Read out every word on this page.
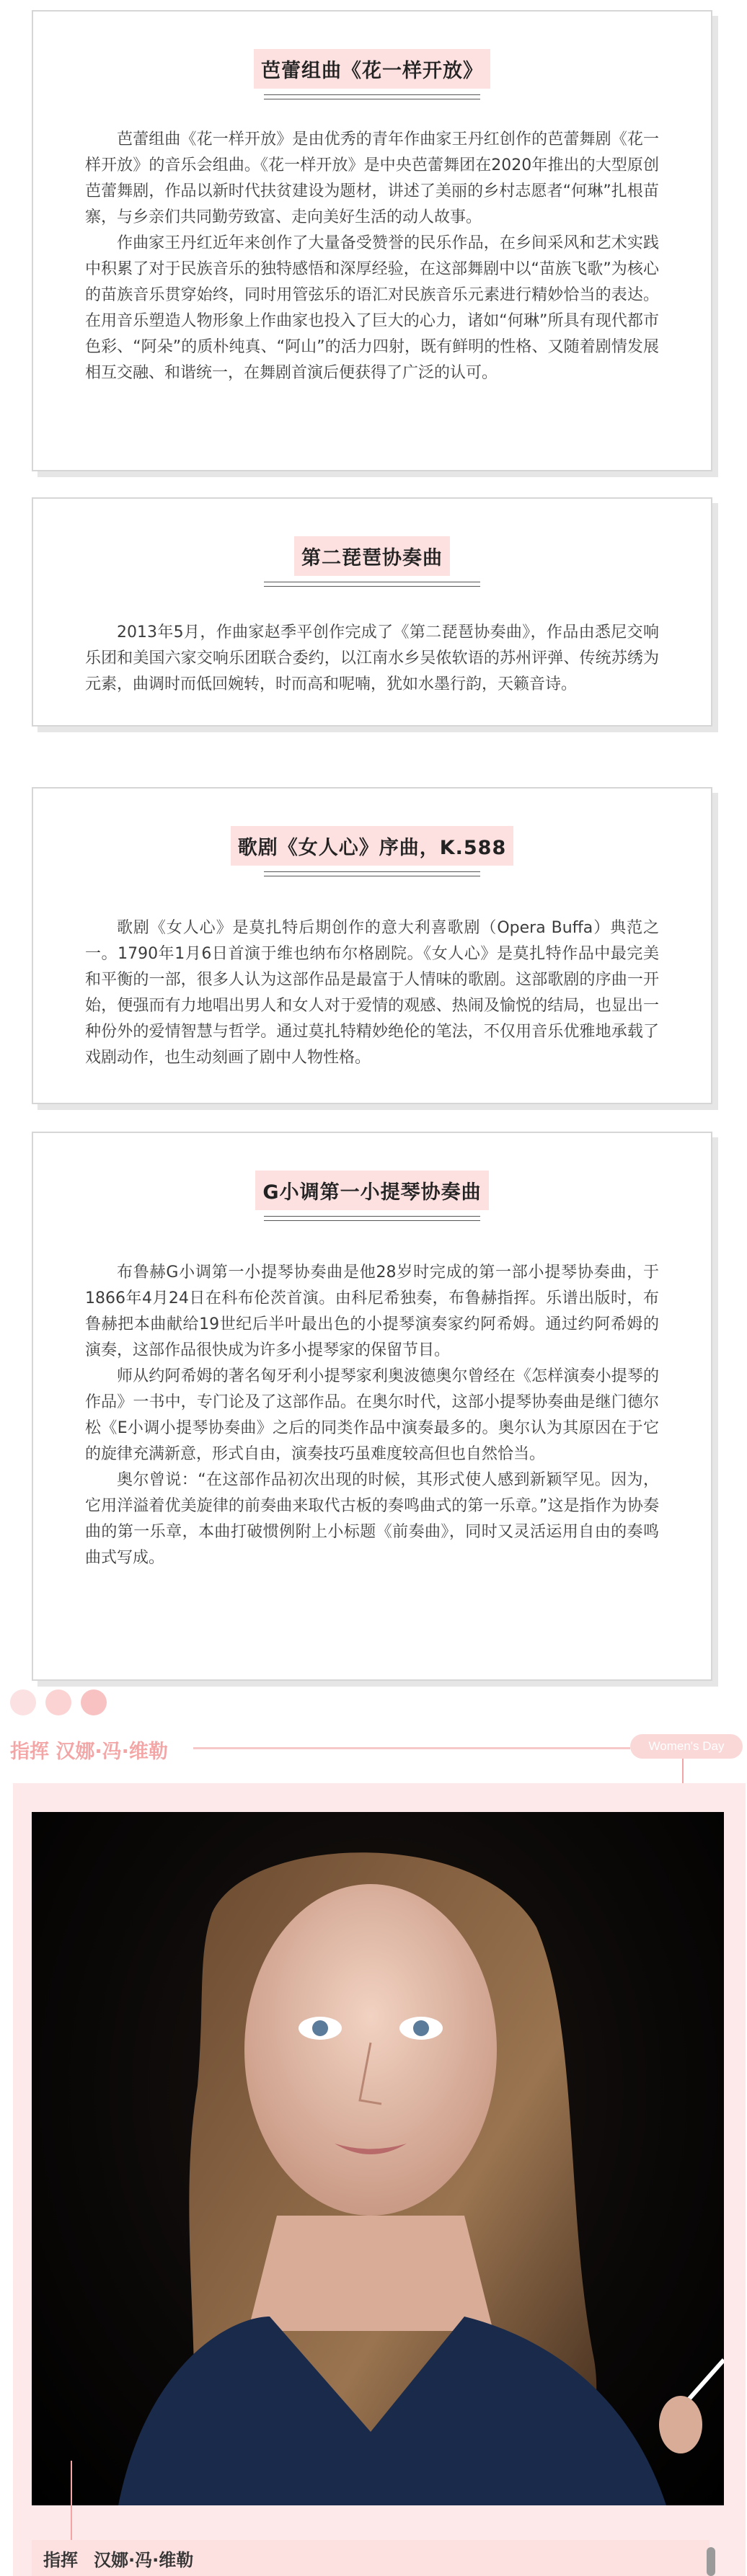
芭蕾组曲《花一样开放》

芭蕾组曲《花一样开放》是由优秀的青年作曲家王丹红创作的芭蕾舞剧《花一样开放》的音乐会组曲。《花一样开放》是中央芭蕾舞团在2020年推出的大型原创芭蕾舞剧，作品以新时代扶贫建设为题材，讲述了美丽的乡村志愿者“何琳”扎根苗寨，与乡亲们共同勤劳致富、走向美好生活的动人故事。

作曲家王丹红近年来创作了大量备受赞誉的民乐作品，在乡间采风和艺术实践中积累了对于民族音乐的独特感悟和深厚经验，在这部舞剧中以“苗族飞歌”为核心的苗族音乐贯穿始终，同时用管弦乐的语汇对民族音乐元素进行精妙恰当的表达。在用音乐塑造人物形象上作曲家也投入了巨大的心力，诸如“何琳”所具有现代都市色彩、“阿朵”的质朴纯真、“阿山”的活力四射，既有鲜明的性格、又随着剧情发展相互交融、和谐统一，在舞剧首演后便获得了广泛的认可。

第二琵琶协奏曲

2013年5月，作曲家赵季平创作完成了《第二琵琶协奏曲》，作品由悉尼交响乐团和美国六家交响乐团联合委约，以江南水乡吴侬软语的苏州评弹、传统苏绣为元素，曲调时而低回婉转，时而高和呢喃，犹如水墨行韵，天籁音诗。

歌剧《女人心》序曲，K.588

歌剧《女人心》是莫扎特后期创作的意大利喜歌剧（Opera Buffa）典范之一。1790年1月6日首演于维也纳布尔格剧院。《女人心》是莫扎特作品中最完美和平衡的一部，很多人认为这部作品是最富于人情味的歌剧。这部歌剧的序曲一开始，便强而有力地唱出男人和女人对于爱情的观感、热闹及愉悦的结局，也显出一种份外的爱情智慧与哲学。通过莫扎特精妙绝伦的笔法，不仅用音乐优雅地承载了戏剧动作，也生动刻画了剧中人物性格。

G小调第一小提琴协奏曲

布鲁赫G小调第一小提琴协奏曲是他28岁时完成的第一部小提琴协奏曲，于1866年4月24日在科布伦茨首演。由科尼希独奏，布鲁赫指挥。乐谱出版时，布鲁赫把本曲献给19世纪后半叶最出色的小提琴演奏家约阿希姆。通过约阿希姆的演奏，这部作品很快成为许多小提琴家的保留节目。

师从约阿希姆的著名匈牙利小提琴家利奥波德奥尔曾经在《怎样演奏小提琴的作品》一书中，专门论及了这部作品。在奥尔时代，这部小提琴协奏曲是继门德尔松《E小调小提琴协奏曲》之后的同类作品中演奏最多的。奥尔认为其原因在于它的旋律充满新意，形式自由，演奏技巧虽难度较高但也自然恰当。

奥尔曾说：“在这部作品初次出现的时候，其形式使人感到新颖罕见。因为，它用洋溢着优美旋律的前奏曲来取代古板的奏鸣曲式的第一乐章。”这是指作为协奏曲的第一乐章，本曲打破惯例附上小标题《前奏曲》，同时又灵活运用自由的奏鸣曲式写成。

指挥 汉娜·冯·维勒	Women's Day
指挥 汉娜·冯·维勒
